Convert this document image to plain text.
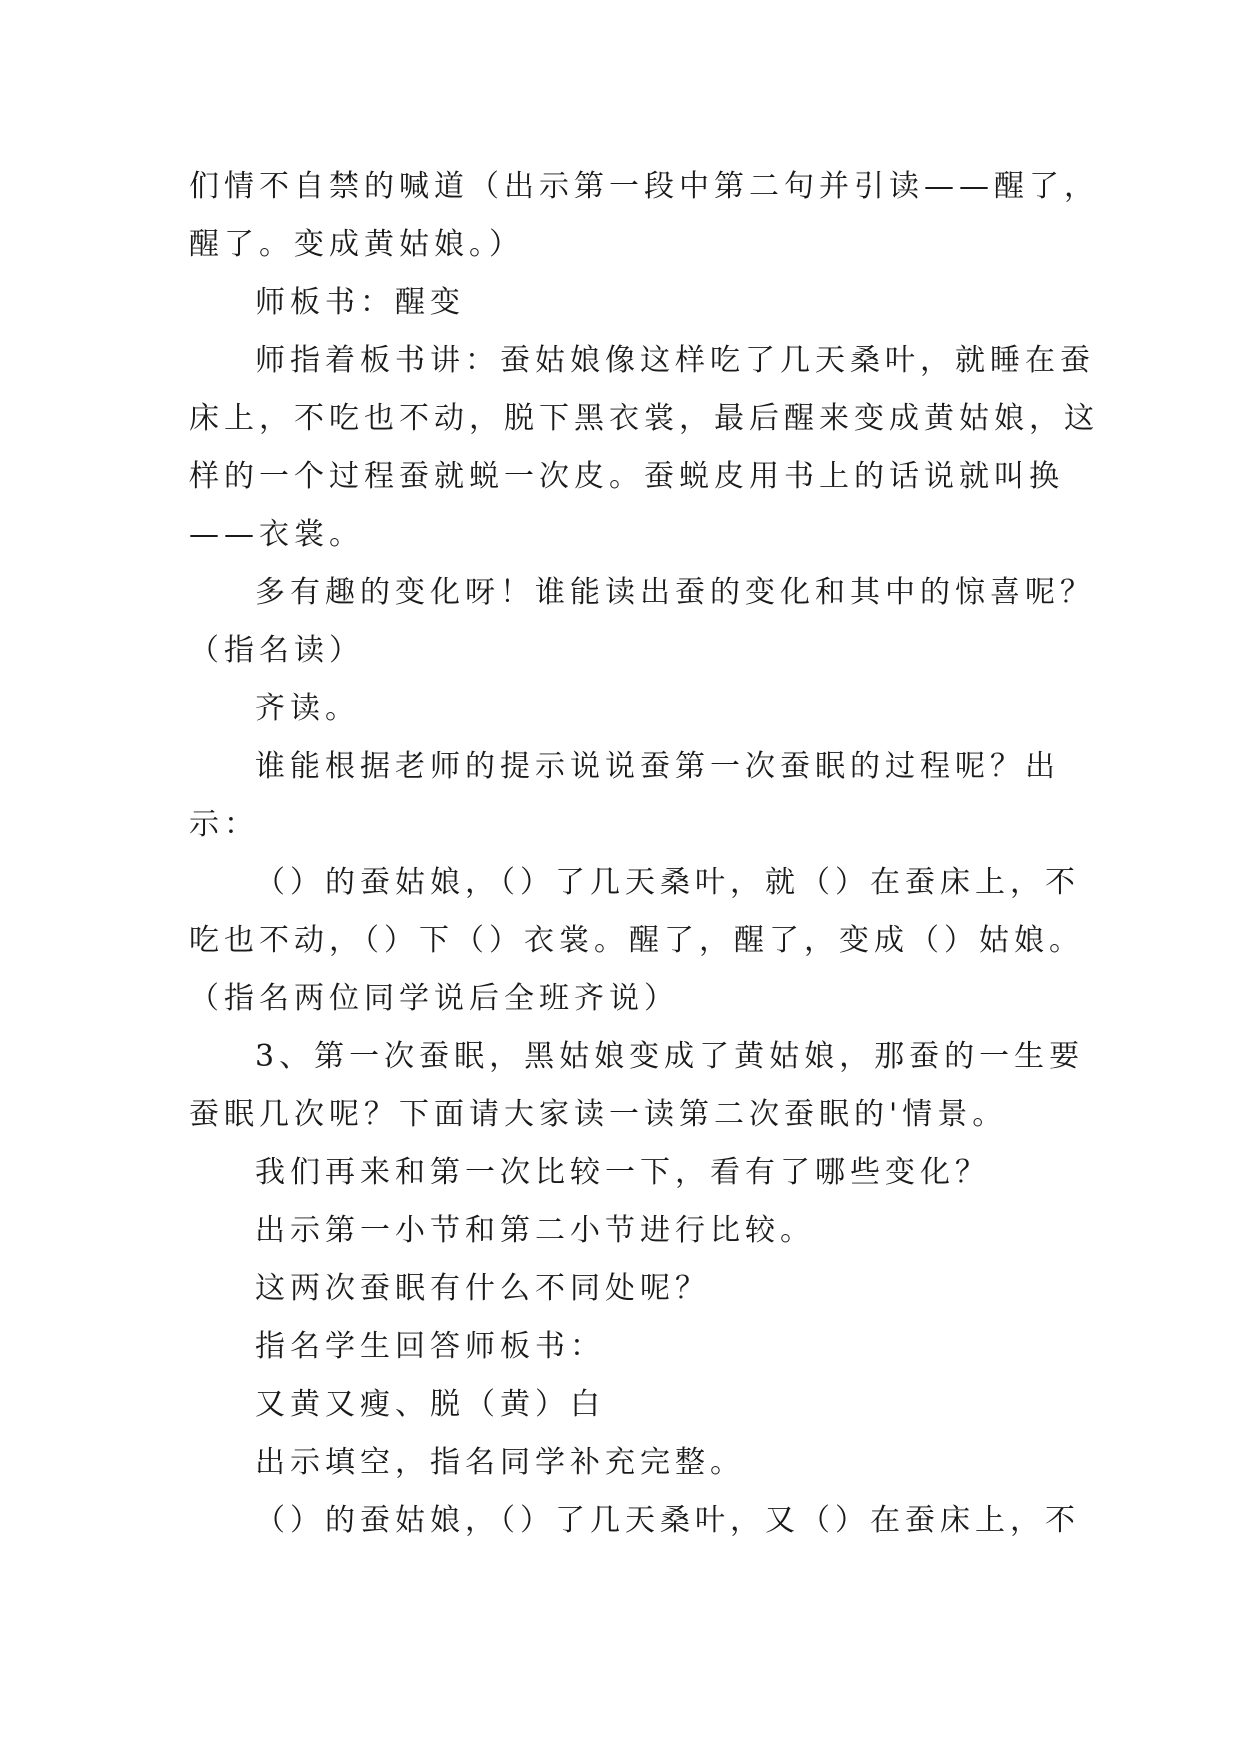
们情不自禁的喊道（出示第一段中第二句并引读——醒了，
醒了。变成黄姑娘。）
师板书：醒变
师指着板书讲：蚕姑娘像这样吃了几天桑叶，就睡在蚕
床上，不吃也不动，脱下黑衣裳，最后醒来变成黄姑娘，这
样的一个过程蚕就蜕一次皮。蚕蜕皮用书上的话说就叫换
——衣裳。
多有趣的变化呀！谁能读出蚕的变化和其中的惊喜呢？
（指名读）
齐读。
谁能根据老师的提示说说蚕第一次蚕眠的过程呢？出
示：
（）的蚕姑娘，（）了几天桑叶，就（）在蚕床上，不
吃也不动，（）下（）衣裳。醒了，醒了，变成（）姑娘。
（指名两位同学说后全班齐说）
3、第一次蚕眠，黑姑娘变成了黄姑娘，那蚕的一生要
蚕眠几次呢？下面请大家读一读第二次蚕眠的'情景。
我们再来和第一次比较一下，看有了哪些变化？
出示第一小节和第二小节进行比较。
这两次蚕眠有什么不同处呢？
指名学生回答师板书：
又黄又瘦、脱（黄）白
出示填空，指名同学补充完整。
（）的蚕姑娘，（）了几天桑叶，又（）在蚕床上，不
